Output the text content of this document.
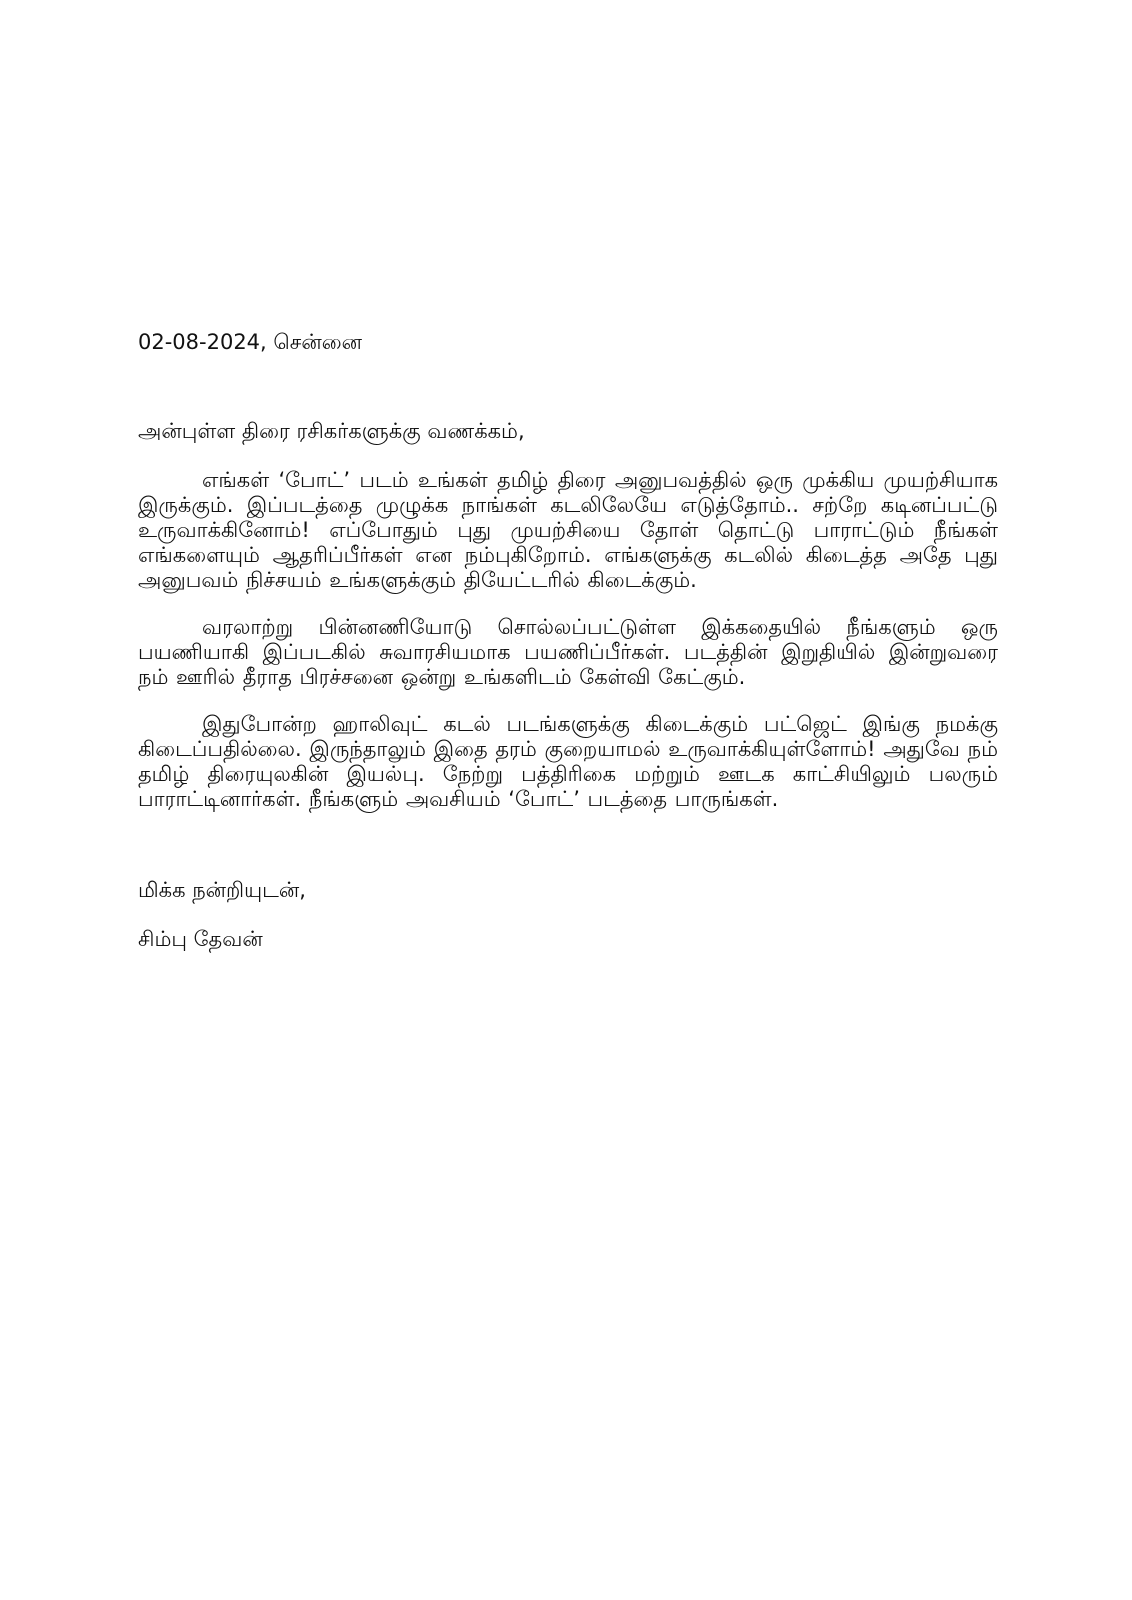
02-08-2024, சென்னை

அன்புள்ள திரை ரசிகர்களுக்கு வணக்கம்,

எங்கள் ‘போட்’ படம் உங்கள் தமிழ் திரை அனுபவத்தில் ஒரு முக்கிய முயற்சியாக இருக்கும். இப்படத்தை முழுக்க நாங்கள் கடலிலேயே எடுத்தோம்.. சற்றே கடினப்பட்டு உருவாக்கினோம்! எப்போதும் புது முயற்சியை தோள் தொட்டு பாராட்டும் நீங்கள் எங்களையும் ஆதரிப்பீர்கள் என நம்புகிறோம். எங்களுக்கு கடலில் கிடைத்த அதே புது அனுபவம் நிச்சயம் உங்களுக்கும் தியேட்டரில் கிடைக்கும்.

வரலாற்று பின்னணியோடு சொல்லப்பட்டுள்ள இக்கதையில் நீங்களும் ஒரு பயணியாகி இப்படகில் சுவாரசியமாக பயணிப்பீர்கள். படத்தின் இறுதியில் இன்றுவரை நம் ஊரில் தீராத பிரச்சனை ஒன்று உங்களிடம் கேள்வி கேட்கும்.

இதுபோன்ற ஹாலிவுட் கடல் படங்களுக்கு கிடைக்கும் பட்ஜெட் இங்கு நமக்கு கிடைப்பதில்லை. இருந்தாலும் இதை தரம் குறையாமல் உருவாக்கியுள்ளோம்! அதுவே நம் தமிழ் திரையுலகின் இயல்பு. நேற்று பத்திரிகை மற்றும் ஊடக காட்சியிலும் பலரும் பாராட்டினார்கள். நீங்களும் அவசியம் ‘போட்’ படத்தை பாருங்கள்.

மிக்க நன்றியுடன்,

சிம்பு தேவன்
